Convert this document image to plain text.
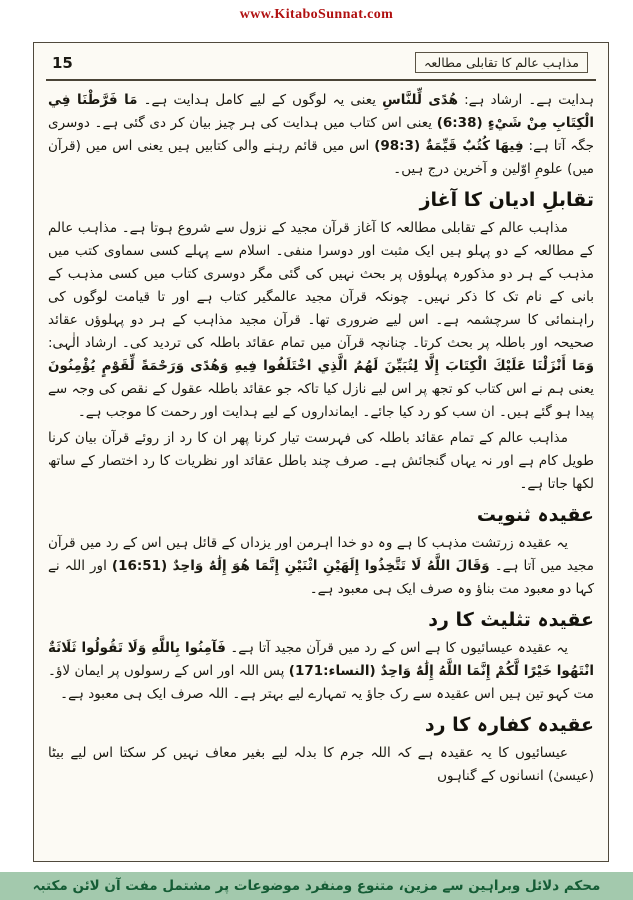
www.KitaboSunnat.com
15	مذاہب عالم کا تقابلی مطالعہ

ہدایت ہے۔ ارشاد ہے: هُدًى لِّلنَّاسِ یعنی یہ لوگوں کے لیے کامل ہدایت ہے۔ مَا فَرَّطْنَا فِي الْكِتَابِ مِنْ شَيْءٍ (6:38) یعنی اس کتاب میں ہدایت کی ہر چیز بیان کر دی گئی ہے۔ دوسری جگہ آتا ہے: فِيهَا كُتُبٌ قَيِّمَةٌ (98:3) اس میں قائم رہنے والی کتابیں ہیں یعنی اس میں (قرآن میں) علومِ اوّلین و آخرین درج ہیں۔

تقابلِ ادیان کا آغاز

مذاہب عالم کے تقابلی مطالعہ کا آغاز قرآن مجید کے نزول سے شروع ہوتا ہے۔ مذاہب عالم کے مطالعہ کے دو پہلو ہیں ایک مثبت اور دوسرا منفی۔ اسلام سے پہلے کسی سماوی کتب میں مذہب کے ہر دو مذکورہ پہلوؤں پر بحث نہیں کی گئی مگر دوسری کتاب میں کسی مذہب کے بانی کے نام تک کا ذکر نہیں۔ چونکہ قرآن مجید عالمگیر کتاب ہے اور تا قیامت لوگوں کی راہنمائی کا سرچشمہ ہے۔ اس لیے ضروری تھا۔ قرآن مجید مذاہب کے ہر دو پہلوؤں عقائد صحیحہ اور باطلہ پر بحث کرتا۔ چنانچہ قرآن میں تمام عقائد باطلہ کی تردید کی۔ ارشاد الٰہی: وَمَا أَنْزَلْنَا عَلَيْكَ الْكِتَابَ إِلَّا لِتُبَيِّنَ لَهُمُ الَّذِي اخْتَلَفُوا فِيهِ وَهُدًى وَرَحْمَةً لِّقَوْمٍ يُؤْمِنُونَ یعنی ہم نے اس کتاب کو تجھ پر اس لیے نازل کیا تاکہ جو عقائد باطلہ عقول کے نقص کی وجہ سے پیدا ہو گئے ہیں۔ ان سب کو رد کیا جائے۔ ایمانداروں کے لیے ہدایت اور رحمت کا موجب ہے۔

مذاہب عالم کے تمام عقائد باطلہ کی فہرست تیار کرنا پھر ان کا رد از روئے قرآن بیان کرنا طویل کام ہے اور نہ یہاں گنجائش ہے۔ صرف چند باطل عقائد اور نظریات کا رد اختصار کے ساتھ لکھا جاتا ہے۔

عقیدہ ثنویت

یہ عقیدہ زرتشت مذہب کا ہے وہ دو خدا اہرمن اور یزداں کے قائل ہیں اس کے رد میں قرآن مجید میں آتا ہے۔ وَقَالَ اللَّهُ لَا تَتَّخِذُوا إِلَهَيْنِ اثْنَيْنِ إِنَّمَا هُوَ إِلَٰهٌ وَاحِدٌ (16:51) اور اللہ نے کہا دو معبود مت بناؤ وہ صرف ایک ہی معبود ہے۔

عقیدہ تثلیث کا رد

یہ عقیدہ عیسائیوں کا ہے اس کے رد میں قرآن مجید آتا ہے۔ فَآمِنُوا بِاللَّهِ وَلَا تَقُولُوا ثَلَاثَةٌ انْتَهُوا خَيْرًا لَّكُمْ إِنَّمَا اللَّهُ إِلَٰهٌ وَاحِدٌ (النساء:171) پس اللہ اور اس کے رسولوں پر ایمان لاؤ۔ مت کہو تین ہیں اس عقیدہ سے رک جاؤ یہ تمہارے لیے بہتر ہے۔ اللہ صرف ایک ہی معبود ہے۔

عقیدہ کفارہ کا رد

عیسائیوں کا یہ عقیدہ ہے کہ اللہ جرم کا بدلہ لیے بغیر معاف نہیں کر سکتا اس لیے بیٹا (عیسیٰ) انسانوں کے گناہوں

محکم دلائل وبراہین سے مزین، متنوع ومنفرد موضوعات پر مشتمل مفت آن لائن مکتبہ
